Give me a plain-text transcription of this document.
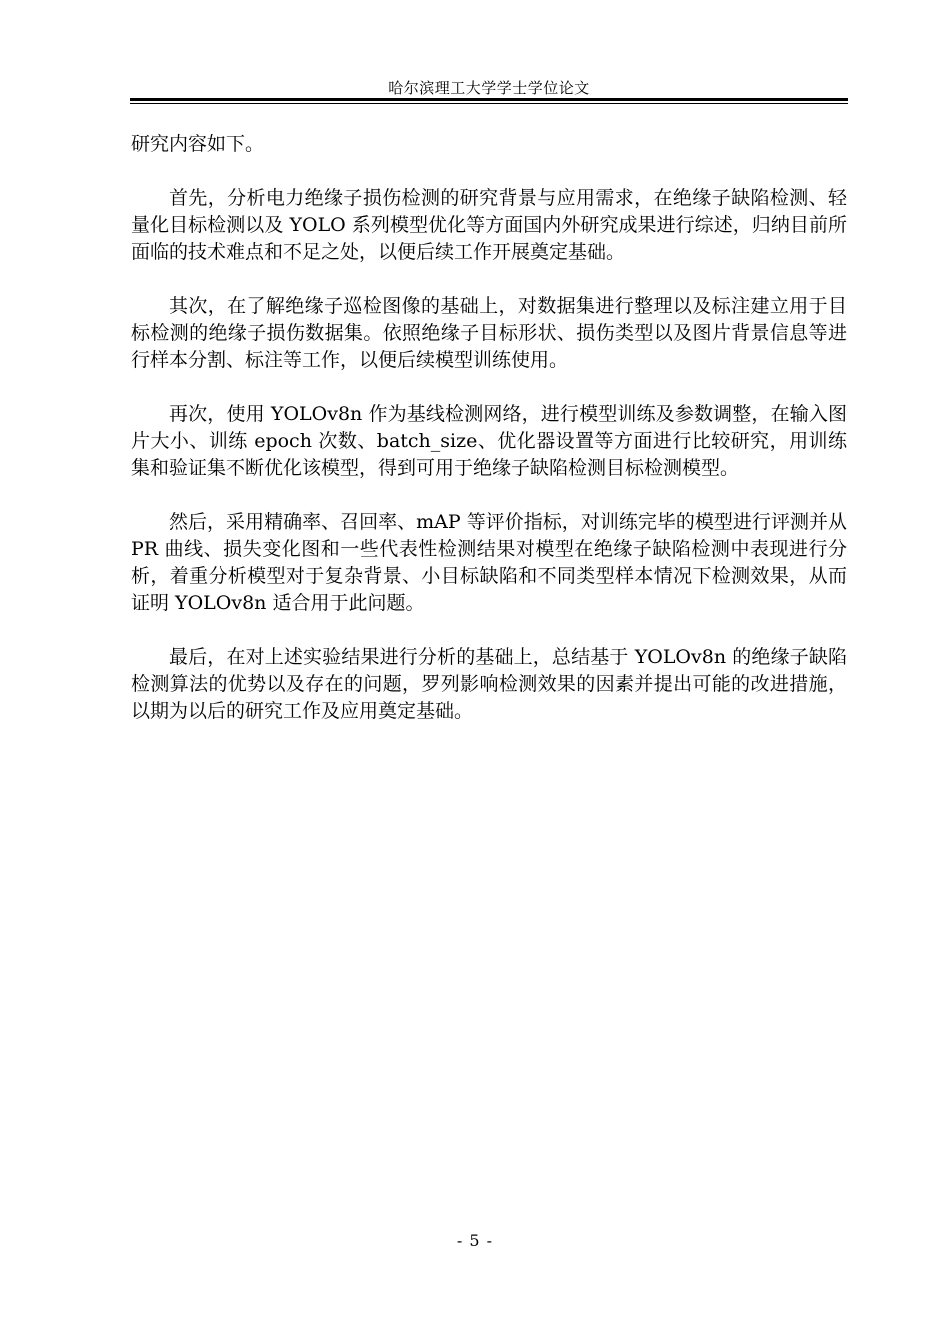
哈尔滨理工大学学士学位论文

研究内容如下。

首先，分析电力绝缘子损伤检测的研究背景与应用需求，在绝缘子缺陷检测、轻量化目标检测以及 YOLO 系列模型优化等方面国内外研究成果进行综述，归纳目前所面临的技术难点和不足之处，以便后续工作开展奠定基础。

其次，在了解绝缘子巡检图像的基础上，对数据集进行整理以及标注建立用于目标检测的绝缘子损伤数据集。依照绝缘子目标形状、损伤类型以及图片背景信息等进行样本分割、标注等工作，以便后续模型训练使用。

再次，使用 YOLOv8n 作为基线检测网络，进行模型训练及参数调整，在输入图片大小、训练 epoch 次数、batch_size、优化器设置等方面进行比较研究，用训练集和验证集不断优化该模型，得到可用于绝缘子缺陷检测目标检测模型。

然后，采用精确率、召回率、mAP 等评价指标，对训练完毕的模型进行评测并从 PR 曲线、损失变化图和一些代表性检测结果对模型在绝缘子缺陷检测中表现进行分析，着重分析模型对于复杂背景、小目标缺陷和不同类型样本情况下检测效果，从而证明 YOLOv8n 适合用于此问题。

最后，在对上述实验结果进行分析的基础上，总结基于 YOLOv8n 的绝缘子缺陷检测算法的优势以及存在的问题，罗列影响检测效果的因素并提出可能的改进措施，以期为以后的研究工作及应用奠定基础。

- 5 -
